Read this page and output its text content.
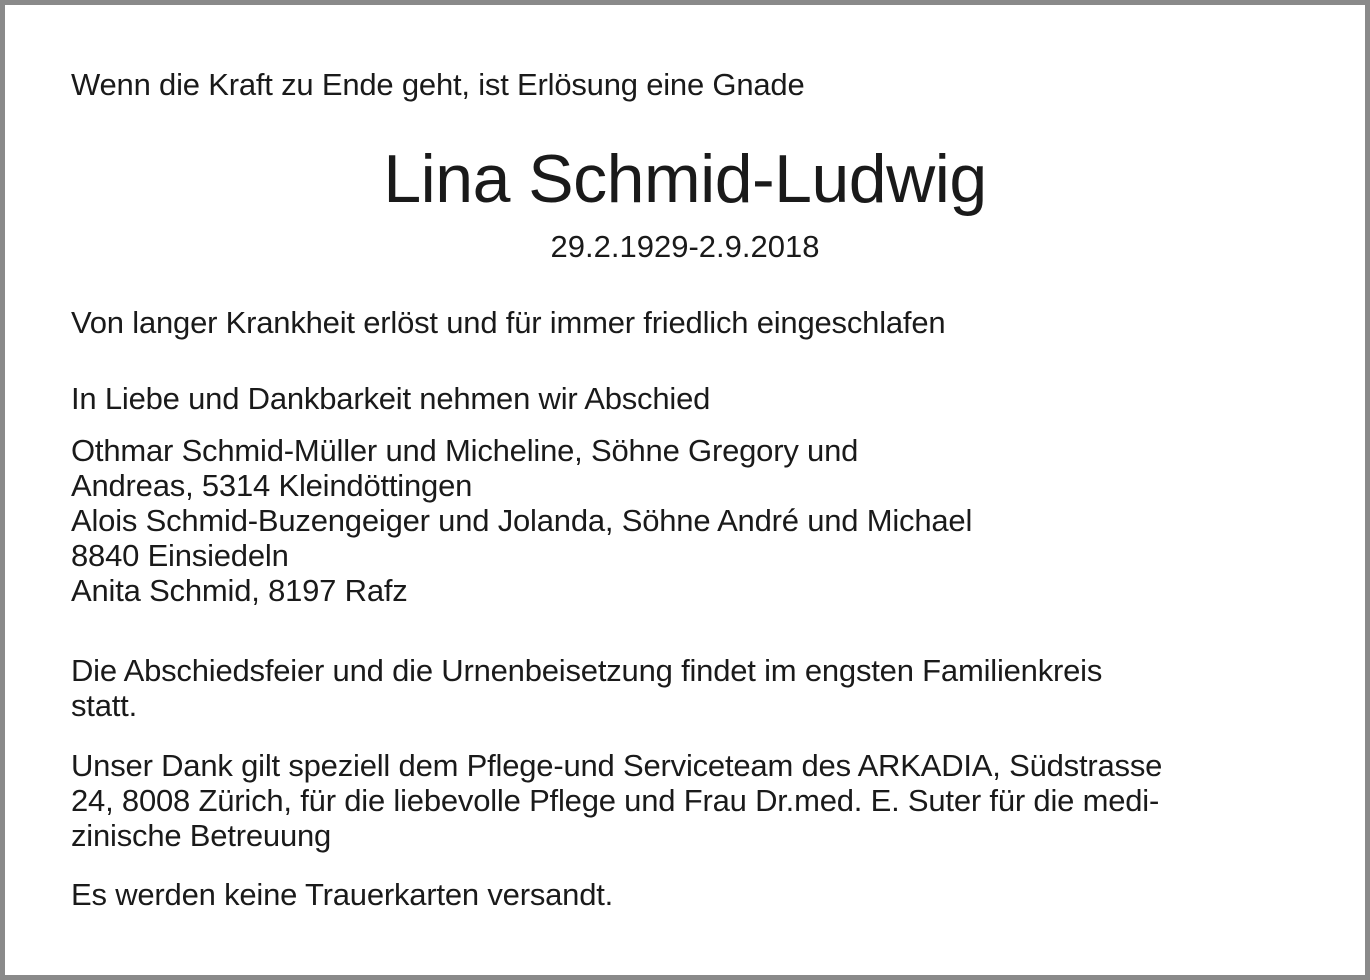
Wenn die Kraft zu Ende geht, ist Erlösung eine Gnade

Lina Schmid-Ludwig

29.2.1929-2.9.2018

Von langer Krankheit erlöst und für immer friedlich eingeschlafen

In Liebe und Dankbarkeit nehmen wir Abschied

Othmar Schmid-Müller und Micheline, Söhne Gregory und
Andreas, 5314 Kleindöttingen
Alois Schmid-Buzengeiger und Jolanda, Söhne André und Michael
8840 Einsiedeln
Anita Schmid, 8197 Rafz
Die Abschiedsfeier und die Urnenbeisetzung findet im engsten Familienkreis
statt.
Unser Dank gilt speziell dem Pflege-und Serviceteam des ARKADIA, Südstrasse
24, 8008 Zürich, für die liebevolle Pflege und Frau Dr.med. E. Suter für die medi-
zinische Betreuung

Es werden keine Trauerkarten versandt.
